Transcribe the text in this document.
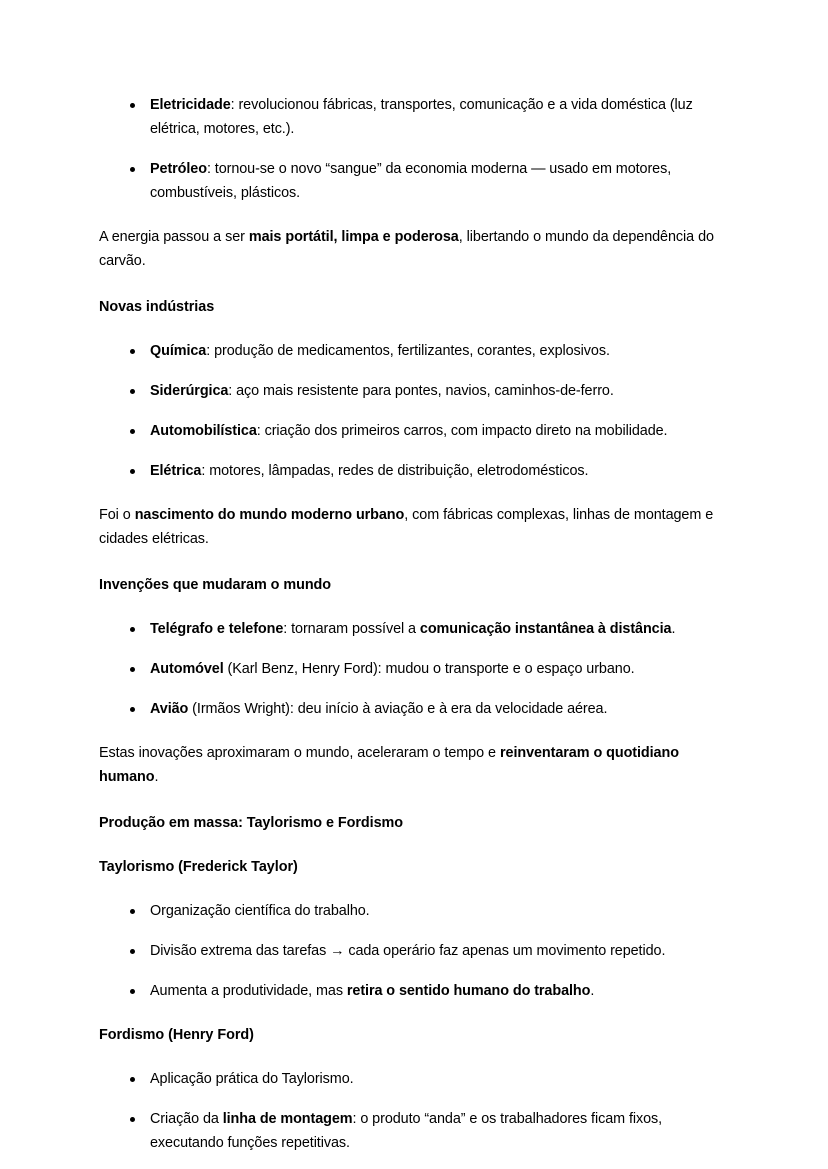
Eletricidade: revolucionou fábricas, transportes, comunicação e a vida doméstica (luz elétrica, motores, etc.).
Petróleo: tornou-se o novo “sangue” da economia moderna — usado em motores, combustíveis, plásticos.

A energia passou a ser mais portátil, limpa e poderosa, libertando o mundo da dependência do carvão.

Novas indústrias

Química: produção de medicamentos, fertilizantes, corantes, explosivos.
Siderúrgica: aço mais resistente para pontes, navios, caminhos-de-ferro.
Automobilística: criação dos primeiros carros, com impacto direto na mobilidade.
Elétrica: motores, lâmpadas, redes de distribuição, eletrodomésticos.

Foi o nascimento do mundo moderno urbano, com fábricas complexas, linhas de montagem e cidades elétricas.

Invenções que mudaram o mundo

Telégrafo e telefone: tornaram possível a comunicação instantânea à distância.
Automóvel (Karl Benz, Henry Ford): mudou o transporte e o espaço urbano.
Avião (Irmãos Wright): deu início à aviação e à era da velocidade aérea.

Estas inovações aproximaram o mundo, aceleraram o tempo e reinventaram o quotidiano humano.

Produção em massa: Taylorismo e Fordismo

Taylorismo (Frederick Taylor)

Organização científica do trabalho.
Divisão extrema das tarefas → cada operário faz apenas um movimento repetido.
Aumenta a produtividade, mas retira o sentido humano do trabalho.

Fordismo (Henry Ford)

Aplicação prática do Taylorismo.
Criação da linha de montagem: o produto “anda” e os trabalhadores ficam fixos, executando funções repetitivas.
